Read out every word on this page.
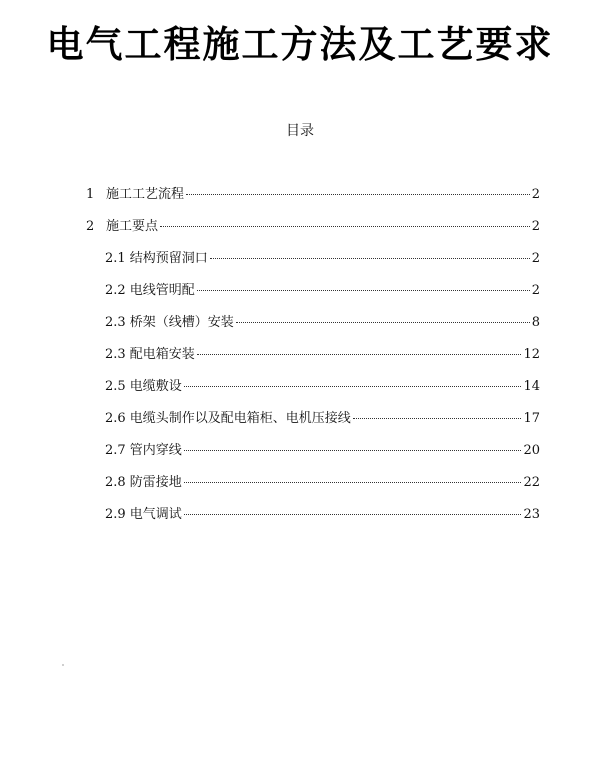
电气工程施工方法及工艺要求
目录
1 施工工艺流程	2
2 施工要点	2
2.1 结构预留洞口	2
2.2 电线管明配	2
2.3 桥架（线槽）安装	8
2.3 配电箱安装	12
2.5 电缆敷设	14
2.6 电缆头制作以及配电箱柜、电机压接线	17
2.7 管内穿线	20
2.8 防雷接地	22
2.9 电气调试	23
